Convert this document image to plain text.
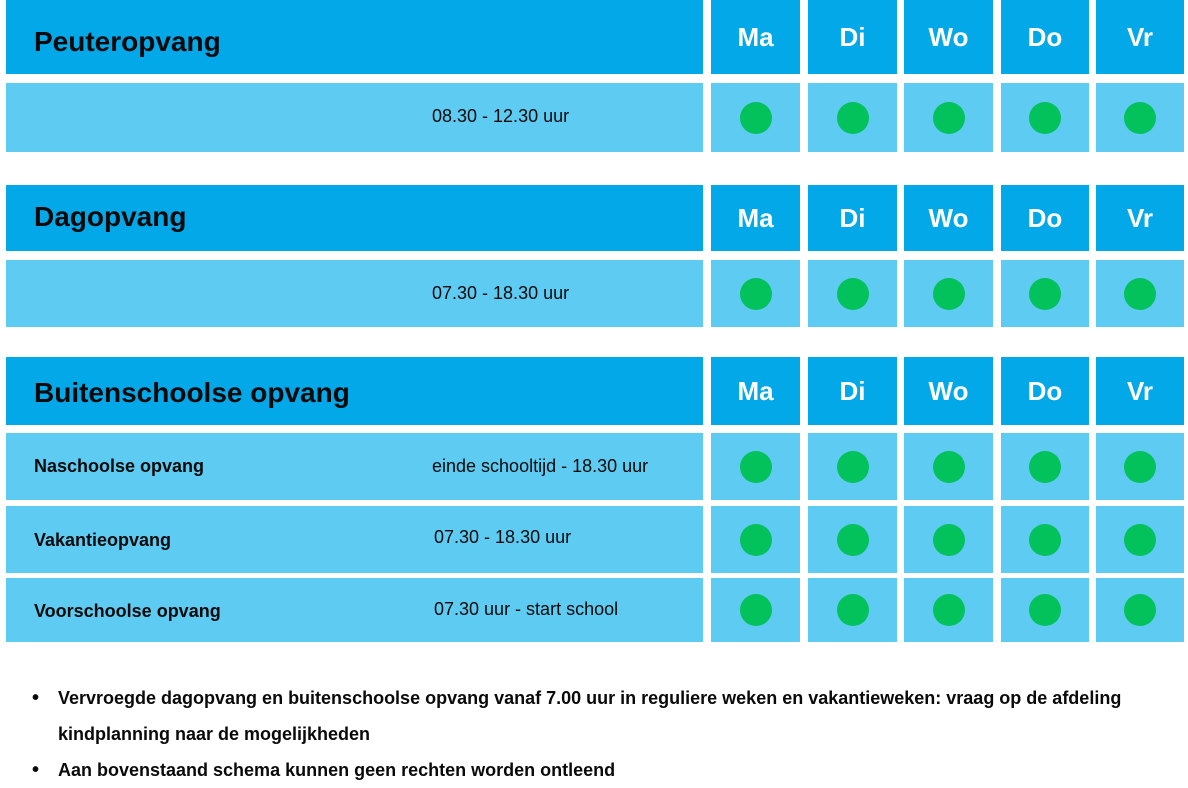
Peuteropvang	Ma	Di	Wo	Do	Vr
08.30 - 12.30 uur
Dagopvang	Ma	Di	Wo	Do	Vr
07.30 - 18.30 uur
Buitenschoolse opvang	Ma	Di	Wo	Do	Vr
Naschoolse opvang	einde schooltijd - 18.30 uur
Vakantieopvang	07.30 - 18.30 uur
Voorschoolse opvang	07.30 uur - start school
• Vervroegde dagopvang en buitenschoolse opvang vanaf 7.00 uur in reguliere weken en vakantieweken: vraag op de afdeling kindplanning naar de mogelijkheden
• Aan bovenstaand schema kunnen geen rechten worden ontleend
